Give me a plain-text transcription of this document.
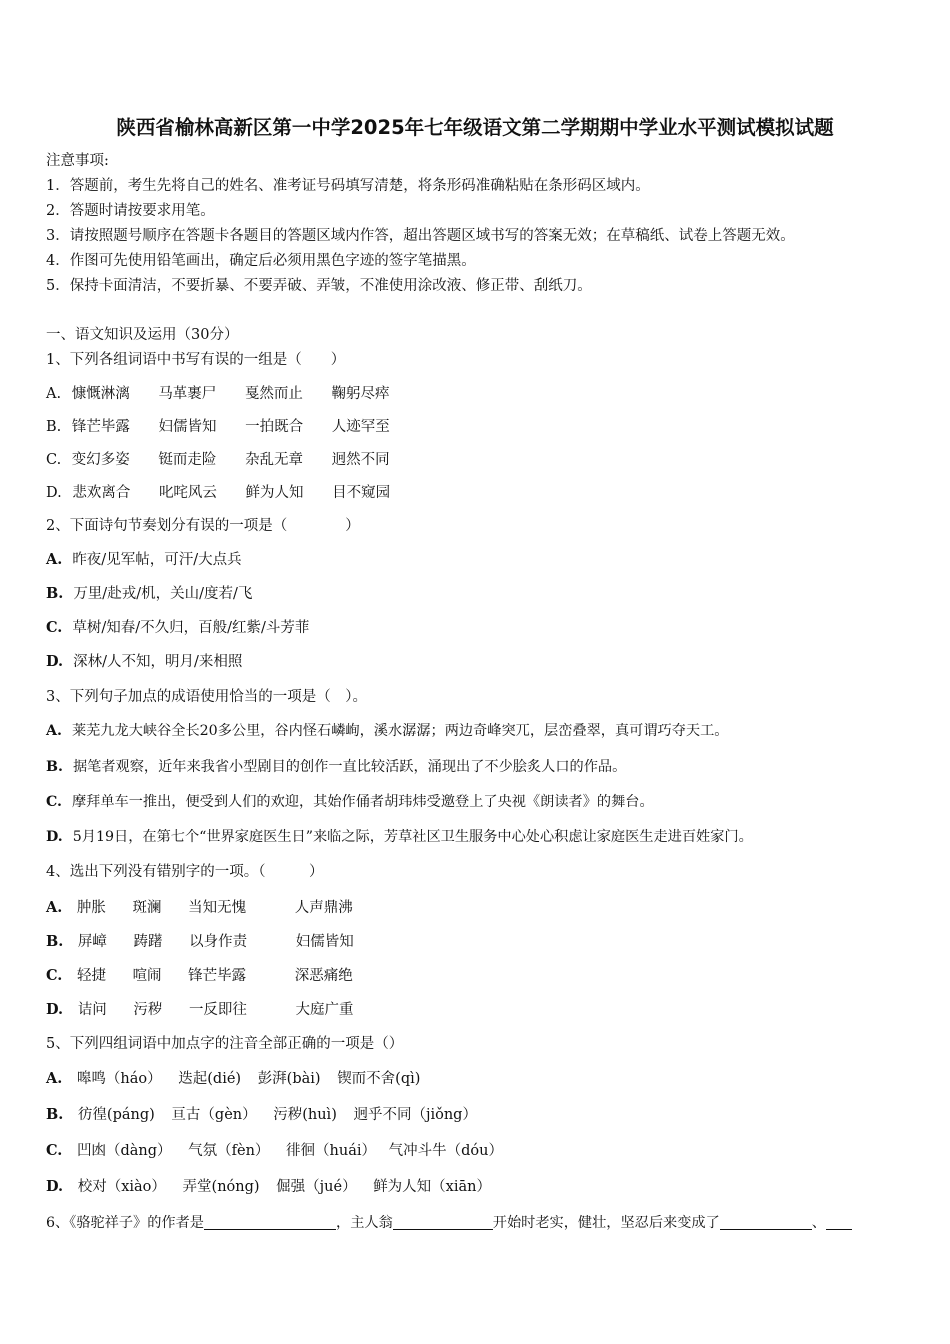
陕西省榆林高新区第一中学2025年七年级语文第二学期期中学业水平测试模拟试题
注意事项:
1．答题前，考生先将自己的姓名、准考证号码填写清楚，将条形码准确粘贴在条形码区域内。
2．答题时请按要求用笔。
3．请按照题号顺序在答题卡各题目的答题区域内作答，超出答题区域书写的答案无效；在草稿纸、试卷上答题无效。
4．作图可先使用铅笔画出，确定后必须用黑色字迹的签字笔描黑。
5．保持卡面清洁，不要折暴、不要弄破、弄皱，不准使用涂改液、修正带、刮纸刀。
一、语文知识及运用（30分）
1、下列各组词语中书写有误的一组是（　　）
A. 慷慨淋漓 马革裹尸 戛然而止 鞠躬尽瘁
B. 锋芒毕露 妇儒皆知 一拍既合 人迹罕至
C. 变幻多姿 铤而走险 杂乱无章 迥然不同
D. 悲欢离合 叱咤风云 鲜为人知 目不窥园
2、下面诗句节奏划分有误的一项是（　　　　）
A. 昨夜/见军帖，可汗/大点兵
B. 万里/赴戎/机，关山/度若/飞
C. 草树/知春/不久归，百般/红紫/斗芳菲
D. 深林/人不知，明月/来相照
3、下列句子加点的成语使用恰当的一项是（　）。
A. 莱芜九龙大峡谷全长20多公里，谷内怪石嶙峋，溪水潺潺；两边奇峰突兀，层峦叠翠，真可谓巧夺天工。
B. 据笔者观察，近年来我省小型剧目的创作一直比较活跃，涌现出了不少脍炙人口的作品。
C. 摩拜单车一推出，便受到人们的欢迎，其始作俑者胡玮炜受邀登上了央视《朗读者》的舞台。
D. 5月19日，在第七个“世界家庭医生日”来临之际，芳草社区卫生服务中心处心积虑让家庭医生走进百姓家门。
4、选出下列没有错别字的一项。（　　　）
A. 肿胀 斑澜 当知无愧	人声鼎沸
B. 屏嶂 踌躇 以身作责	妇儒皆知
C. 轻捷 喧闹 锋芒毕露	深恶痛绝
D. 诘问 污秽 一反即往	大庭广重
5、下列四组词语中加点字的注音全部正确的一项是（）
A. 嗥鸣（háo） 迭起(dié) 彭湃(bài) 锲而不舍(qì)
B. 彷徨(páng) 亘古（gèn） 污秽(huì) 迥乎不同（jiǒng）
C. 凹凼（dàng） 气氛（fèn） 徘徊（huái） 气冲斗牛（dóu）
D. 校对（xiào） 弄堂(nóng) 倔强（jué） 鲜为人知（xiān）
6、《骆驼祥子》的作者是	，主人翁	开始时老实，健壮，坚忍后来变成了	、
